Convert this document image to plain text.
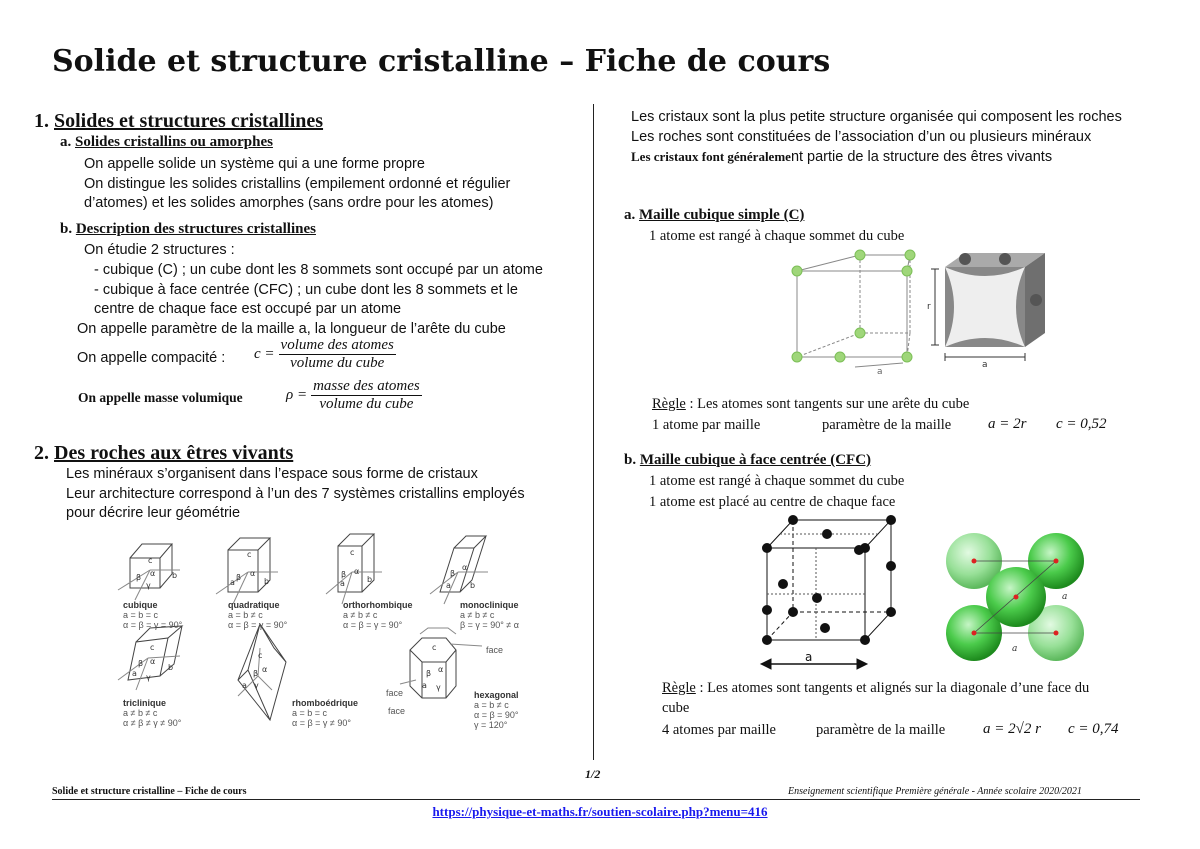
Solide et structure cristalline – Fiche de cours
1. Solides et structures cristallines
a. Solides cristallins ou amorphes
On appelle solide un système qui a une forme propre
On distingue les solides cristallins (empilement ordonné et régulier
d’atomes) et les solides amorphes (sans ordre pour les atomes)
b. Description des structures cristallines
On étudie 2 structures :
- cubique (C) ; un cube dont les 8 sommets sont occupé par un atome
- cubique à face centrée (CFC) ; un cube dont les 8 sommets et le
centre de chaque face est occupé par un atome
On appelle paramètre de la maille a, la longueur de l’arête du cube
On appelle compacité : $c = \frac{\text{volume des atomes}}{\text{volume du cube}}$
On appelle masse volumique	$\rho = \frac{\text{masse des atomes}}{\text{volume du cube}}$
2. Des roches aux êtres vivants
Les minéraux s’organisent dans l’espace sous forme de cristaux
Leur architecture correspond à l’un des 7 systèmes cristallins employés
pour décrire leur géométrie
c
β α
γ
b
c
β α
a	b
c
β α
a	b
β
α
a b
c
β α
a γ
b
β α
a γ
c
c
β α
a γ
cubique
a = b = c
α = β = γ = 90°
quadratique
a = b ≠ c
α = β = γ = 90°
orthorhombique
a ≠ b ≠ c
α = β = γ = 90°
monoclinique
a ≠ b ≠ c
β = γ = 90° ≠ α
triclinique
a ≠ b ≠ c
α ≠ β ≠ γ ≠ 90°
rhomboédrique
a = b = c
α = β = γ ≠ 90°
hexagonal
a = b ≠ c
α = β = 90°
γ = 120°
face
face
face
Les cristaux sont la plus petite structure organisée qui composent les roches
Les roches sont constituées de l’association d’un ou plusieurs minéraux
Les cristaux font généralement partie de la structure des êtres vivants
a. Maille cubique simple (C)
1 atome est rangé à chaque sommet du cube
a
r
a
Règle : Les atomes sont tangents sur une arête du cube
1 atome par maille	paramètre de la maille a = 2r c = 0,52
b. Maille cubique à face centrée (CFC)
1 atome est rangé à chaque sommet du cube
1 atome est placé au centre de chaque face
a
a
a
Règle : Les atomes sont tangents et alignés sur la diagonale d’une face du
cube
4 atomes par maille	paramètre de la maille	a = 2√2 r c = 0,74
1/2
Solide et structure cristalline – Fiche de cours	Enseignement scientifique Première générale - Année scolaire 2020/2021
https://physique-et-maths.fr/soutien-scolaire.php?menu=416
